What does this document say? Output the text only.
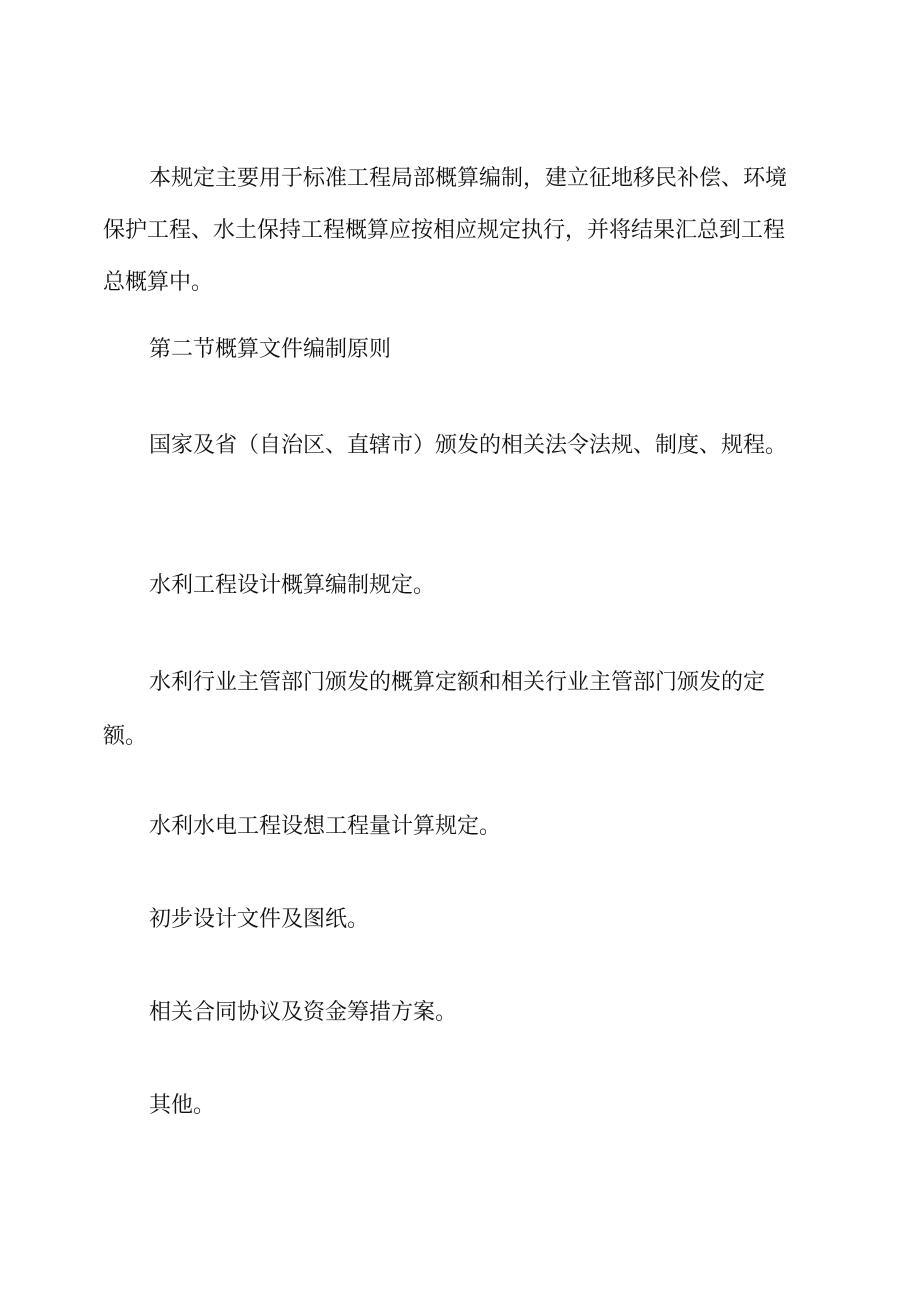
本规定主要用于标准工程局部概算编制，建立征地移民补偿、环境保护工程、水土保持工程概算应按相应规定执行，并将结果汇总到工程总概算中。

第二节概算文件编制原则

国家及省（自治区、直辖市）颁发的相关法令法规、制度、规程。

水利工程设计概算编制规定。

水利行业主管部门颁发的概算定额和相关行业主管部门颁发的定额。

水利水电工程设想工程量计算规定。

初步设计文件及图纸。

相关合同协议及资金筹措方案。

其他。
